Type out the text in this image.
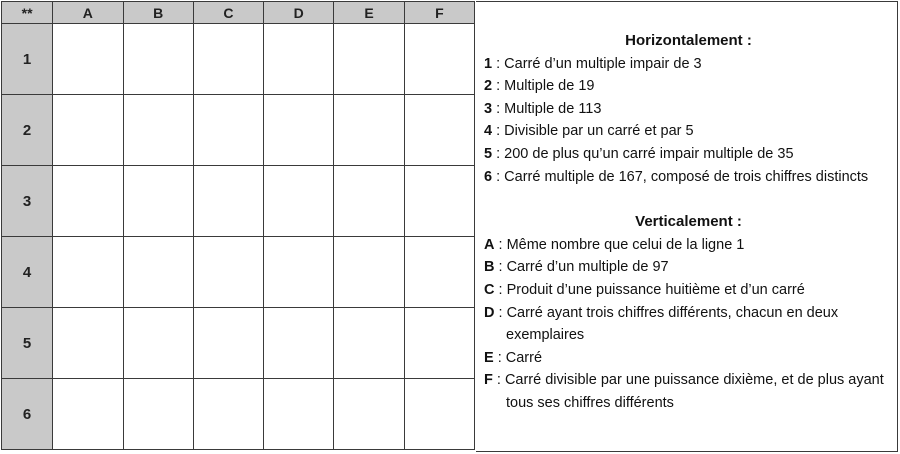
**	A	B	C	D	E	F
1						
2						
3						
4						
5						
6						

Horizontalement :

1 : Carré d’un multiple impair de 3
2 : Multiple de 19
3 : Multiple de 113
4 : Divisible par un carré et par 5
5 : 200 de plus qu’un carré impair multiple de 35
6 : Carré multiple de 167, composé de trois chiffres distincts

Verticalement :

A : Même nombre que celui de la ligne 1
B : Carré d’un multiple de 97
C : Produit d’une puissance huitième et d’un carré
D : Carré ayant trois chiffres différents, chacun en deux exemplaires
E : Carré
F : Carré divisible par une puissance dixième, et de plus ayant tous ses chiffres différents
